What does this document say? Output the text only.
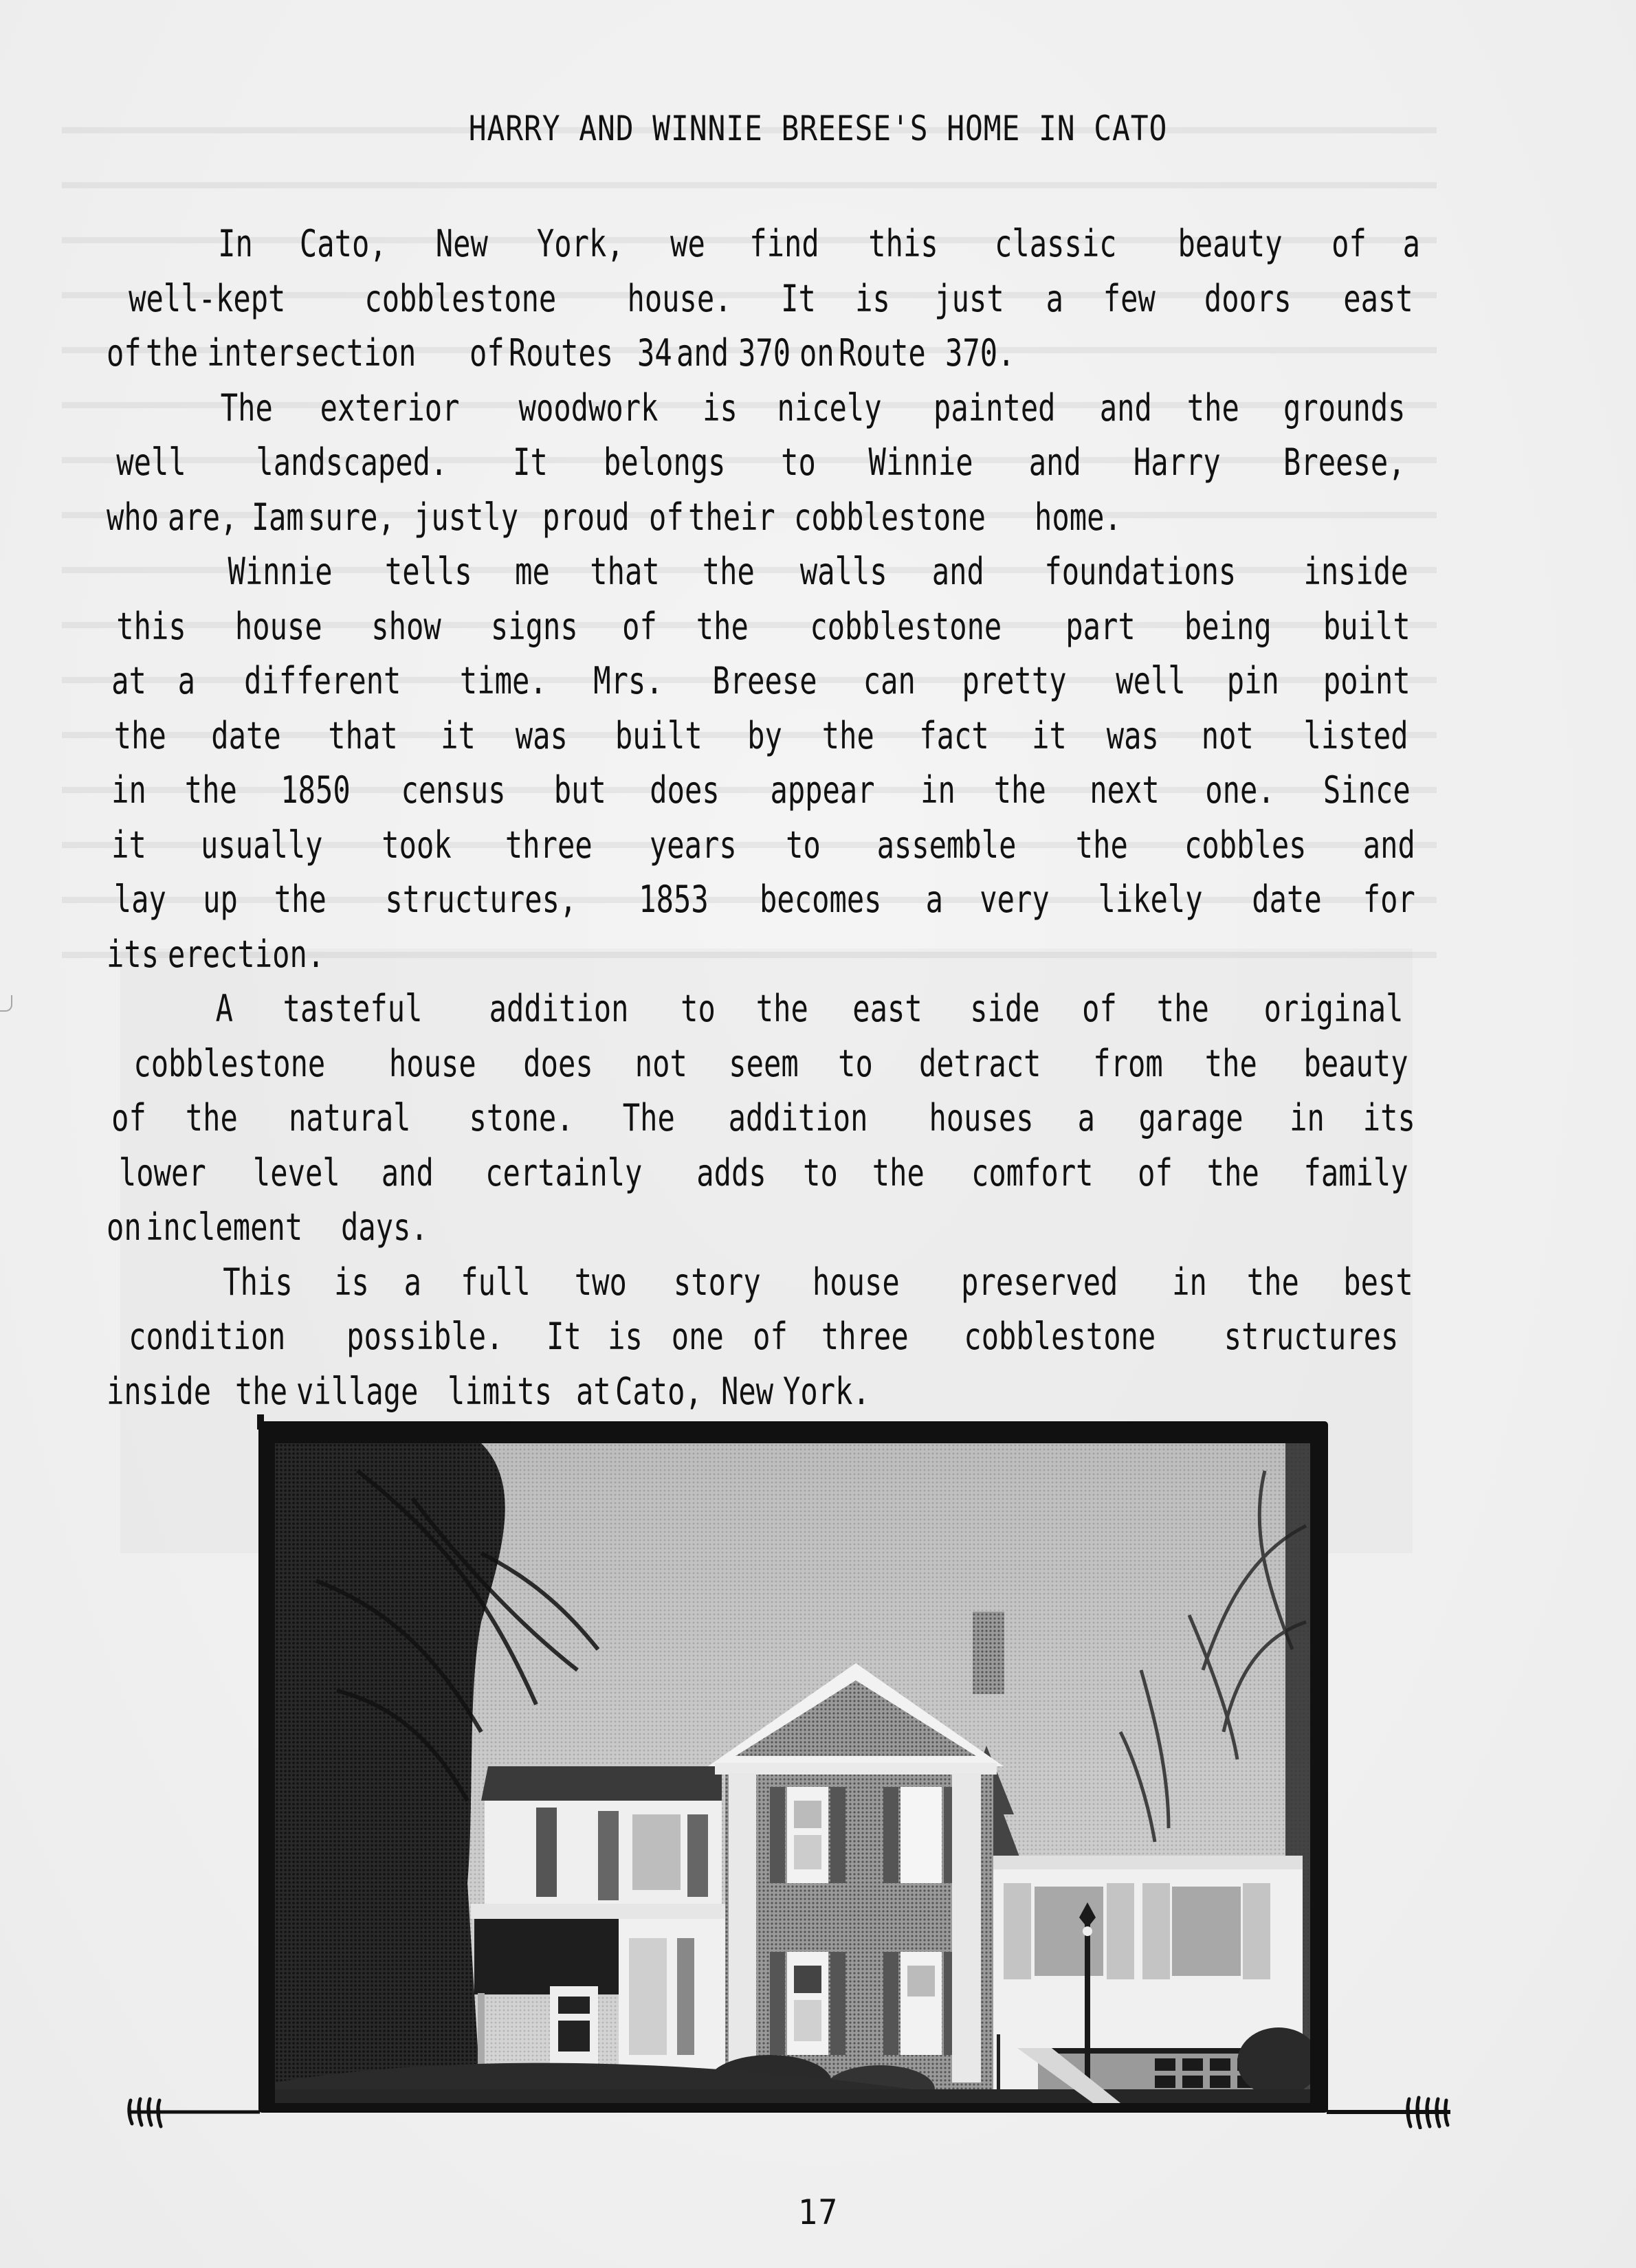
HARRY AND WINNIE BREESE'S HOME IN CATO
In Cato, New York, we find this classic beauty of a
well-kept cobblestone house. It is just a few doors east
of the intersection of Routes 34 and 370 on Route 370.
The exterior woodwork is nicely painted and the grounds
well landscaped. It belongs to Winnie and Harry Breese,
who are, I am sure, justly proud of their cobblestone home.
Winnie tells me that the walls and foundations inside
this house show signs of the cobblestone part being built
at a different time. Mrs. Breese can pretty well pin point
the date that it was built by the fact it was not listed
in the 1850 census but does appear in the next one. Since
it usually took three years to assemble the cobbles and
lay up the structures, 1853 becomes a very likely date for
its erection.
A tasteful addition to the east side of the original
cobblestone house does not seem to detract from the beauty
of the natural stone. The addition houses a garage in its
lower level and certainly adds to the comfort of the family
on inclement days.
This is a full two story house preserved in the best
condition possible. It is one of three cobblestone structures
inside the village limits at Cato, New York.
17
